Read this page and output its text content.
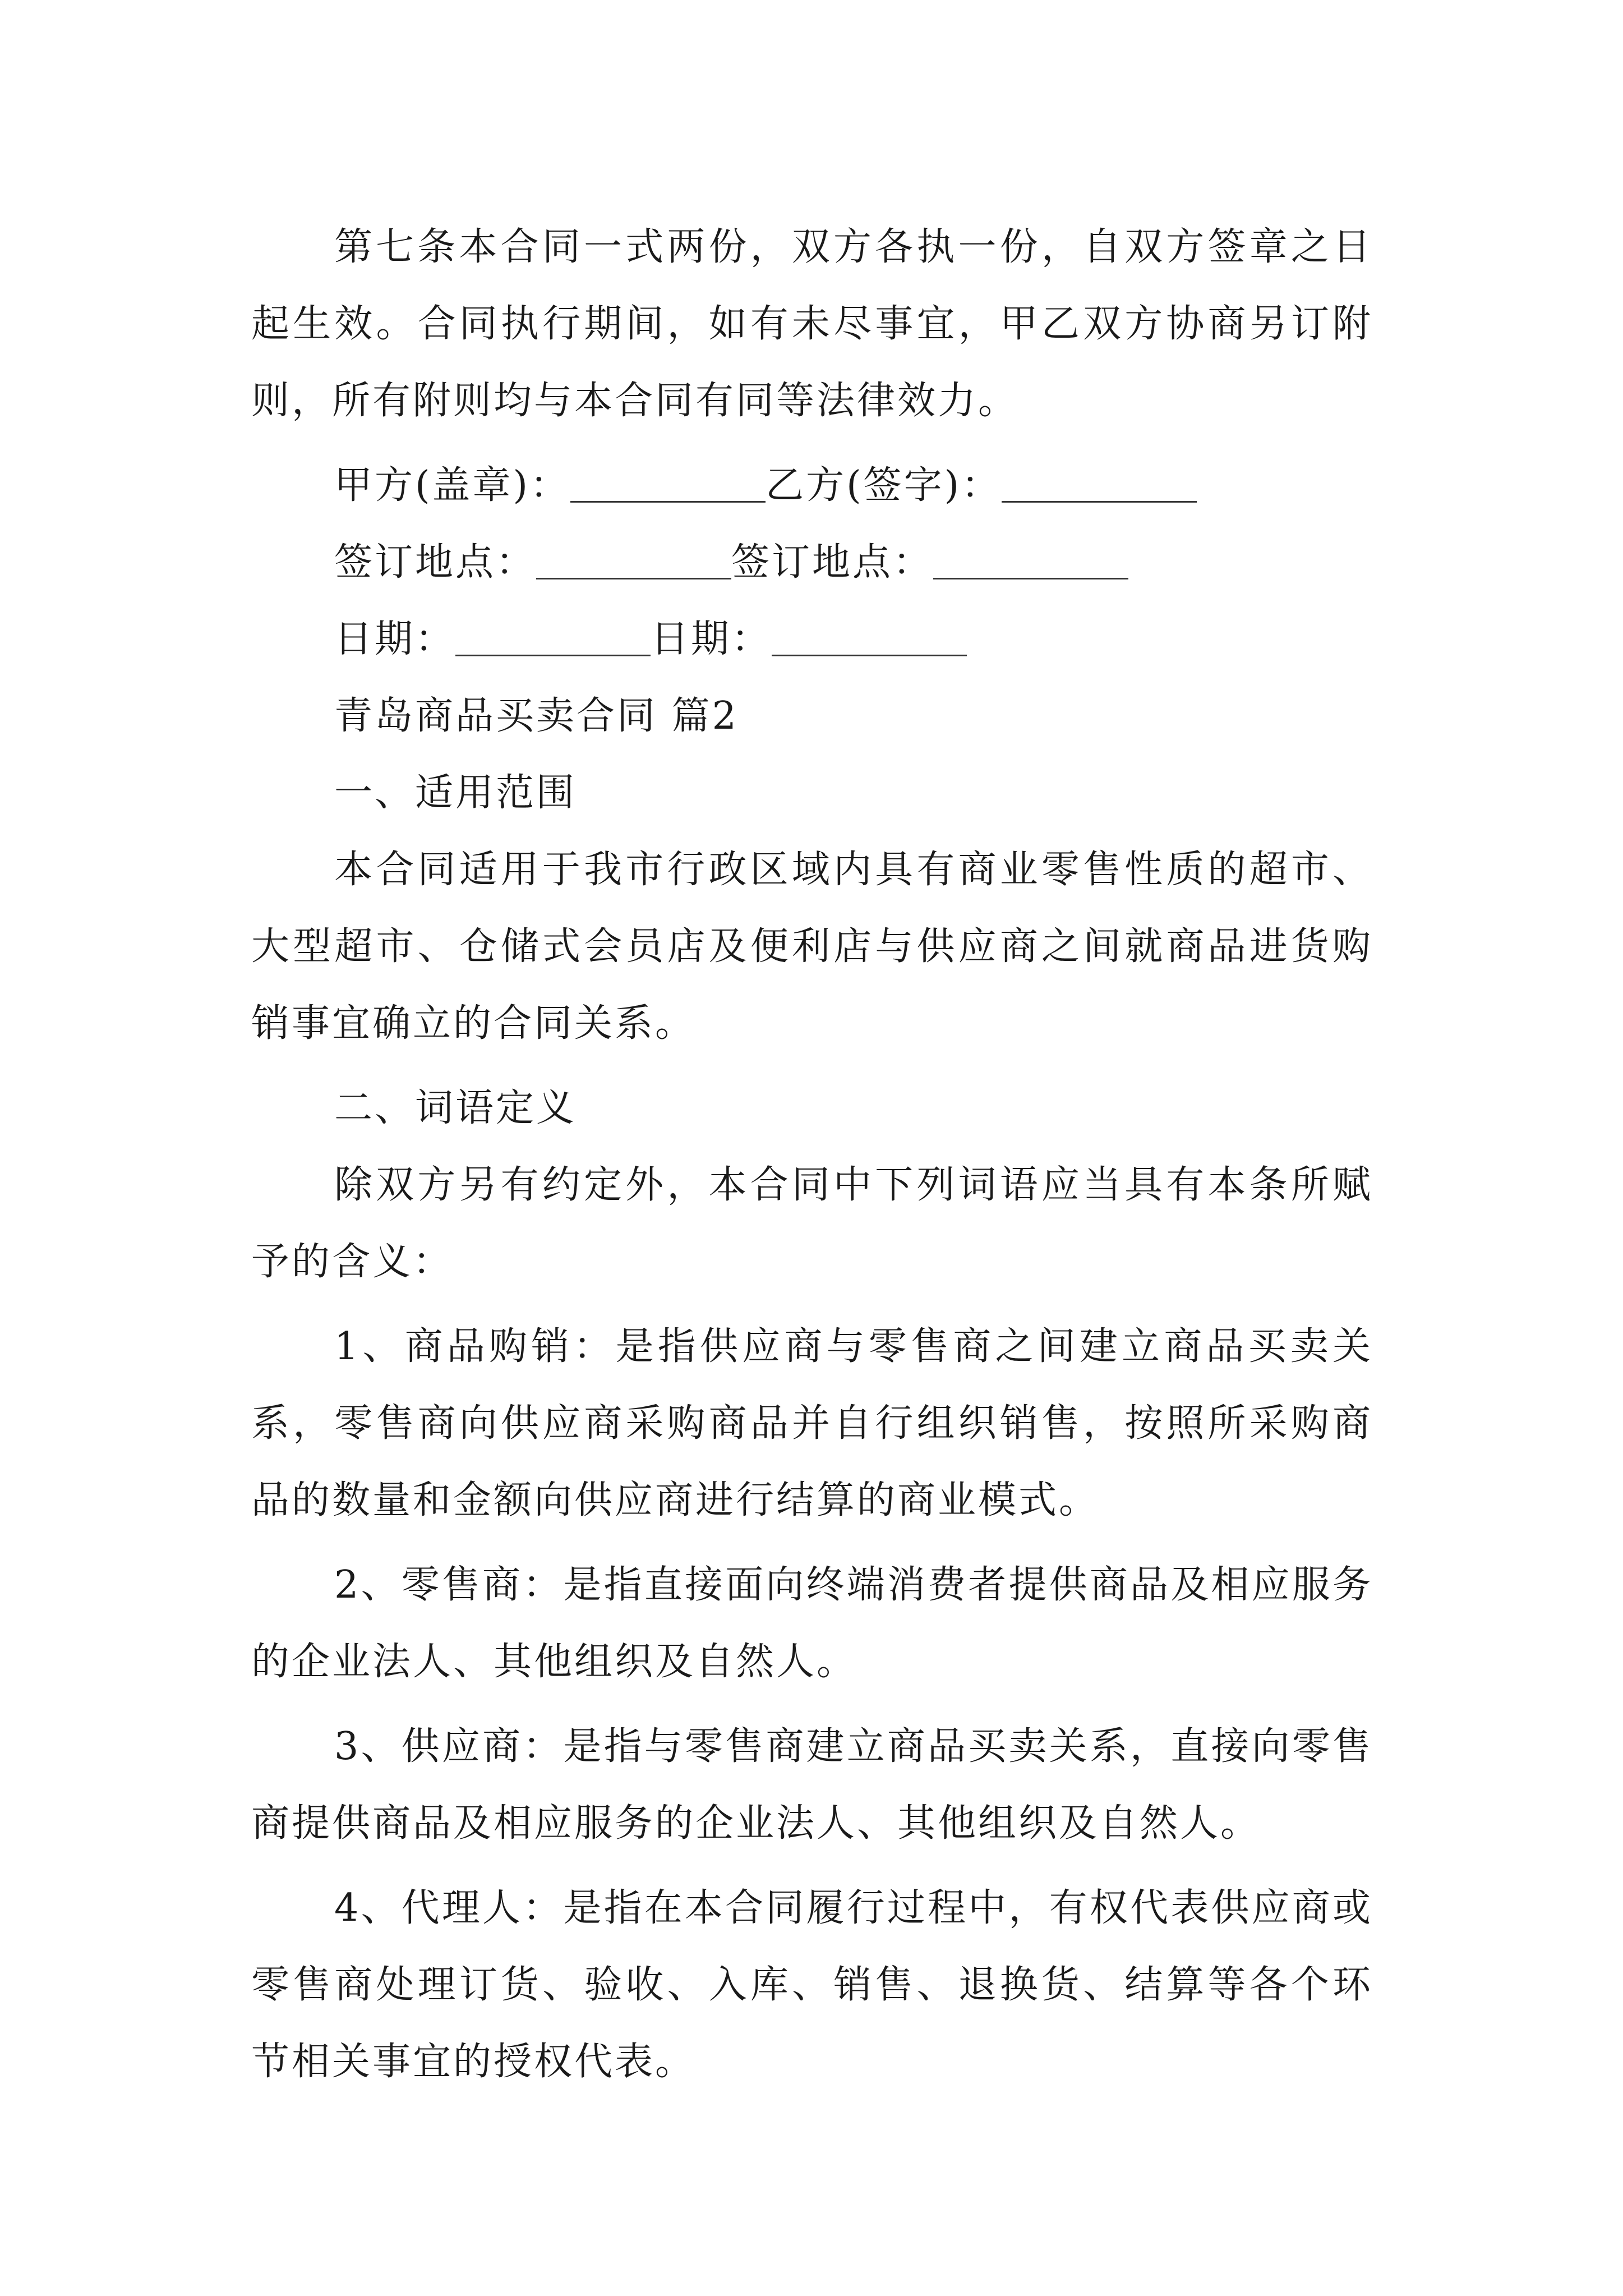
第七条本合同一式两份，双方各执一份，自双方签章之日起生效。合同执行期间，如有未尽事宜，甲乙双方协商另订附则，所有附则均与本合同有同等法律效力。

甲方(盖章)：	乙方(签字)：
签订地点：	签订地点：
日期：	日期：

青岛商品买卖合同 篇2

一、适用范围

本合同适用于我市行政区域内具有商业零售性质的超市、大型超市、仓储式会员店及便利店与供应商之间就商品进货购销事宜确立的合同关系。

二、词语定义

除双方另有约定外，本合同中下列词语应当具有本条所赋予的含义：

1、商品购销：是指供应商与零售商之间建立商品买卖关系，零售商向供应商采购商品并自行组织销售，按照所采购商品的数量和金额向供应商进行结算的商业模式。

2、零售商：是指直接面向终端消费者提供商品及相应服务的企业法人、其他组织及自然人。

3、供应商：是指与零售商建立商品买卖关系，直接向零售商提供商品及相应服务的企业法人、其他组织及自然人。

4、代理人：是指在本合同履行过程中，有权代表供应商或零售商处理订货、验收、入库、销售、退换货、结算等各个环节相关事宜的授权代表。
